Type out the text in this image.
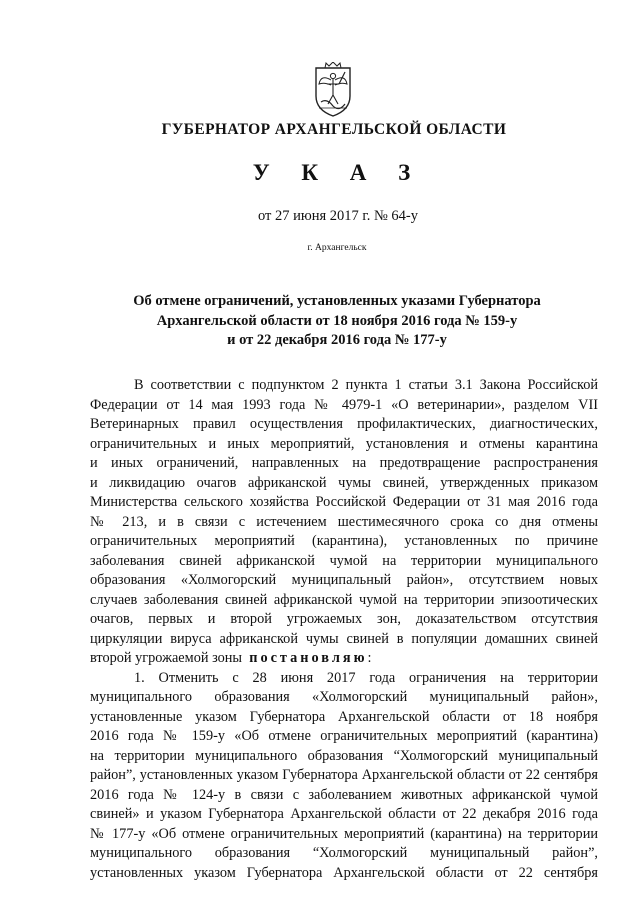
ГУБЕРНАТОР АРХАНГЕЛЬСКОЙ ОБЛАСТИ
У К А З
от 27 июня 2017 г. № 64-у
г. Архангельск
Об отмене ограничений, установленных указами Губернатора
Архангельской области от 18 ноября 2016 года № 159-у
и от 22 декабря 2016 года № 177-у
В соответствии с подпунктом 2 пункта 1 статьи 3.1 Закона Российской
Федерации от 14 мая 1993 года № 4979-1 «О ветеринарии», разделом VII
Ветеринарных правил осуществления профилактических, диагностических,
ограничительных и иных мероприятий, установления и отмены карантина
и иных ограничений, направленных на предотвращение распространения
и ликвидацию очагов африканской чумы свиней, утвержденных приказом
Министерства сельского хозяйства Российской Федерации от 31 мая 2016 года
№ 213, и в связи с истечением шестимесячного срока со дня отмены
ограничительных мероприятий (карантина), установленных по причине
заболевания свиней африканской чумой на территории муниципального
образования «Холмогорский муниципальный район», отсутствием новых
случаев заболевания свиней африканской чумой на территории эпизоотических
очагов, первых и второй угрожаемых зон, доказательством отсутствия
циркуляции вируса африканской чумы свиней в популяции домашних свиней
второй угрожаемой зоны постановляю:
1. Отменить с 28 июня 2017 года ограничения на территории
муниципального образования «Холмогорский муниципальный район»,
установленные указом Губернатора Архангельской области от 18 ноября
2016 года № 159-у «Об отмене ограничительных мероприятий (карантина)
на территории муниципального образования “Холмогорский муниципальный
район”, установленных указом Губернатора Архангельской области от 22 сентября
2016 года № 124-у в связи с заболеванием животных африканской чумой
свиней» и указом Губернатора Архангельской области от 22 декабря 2016 года
№ 177-у «Об отмене ограничительных мероприятий (карантина) на территории
муниципального образования “Холмогорский муниципальный район”,
установленных указом Губернатора Архангельской области от 22 сентября
